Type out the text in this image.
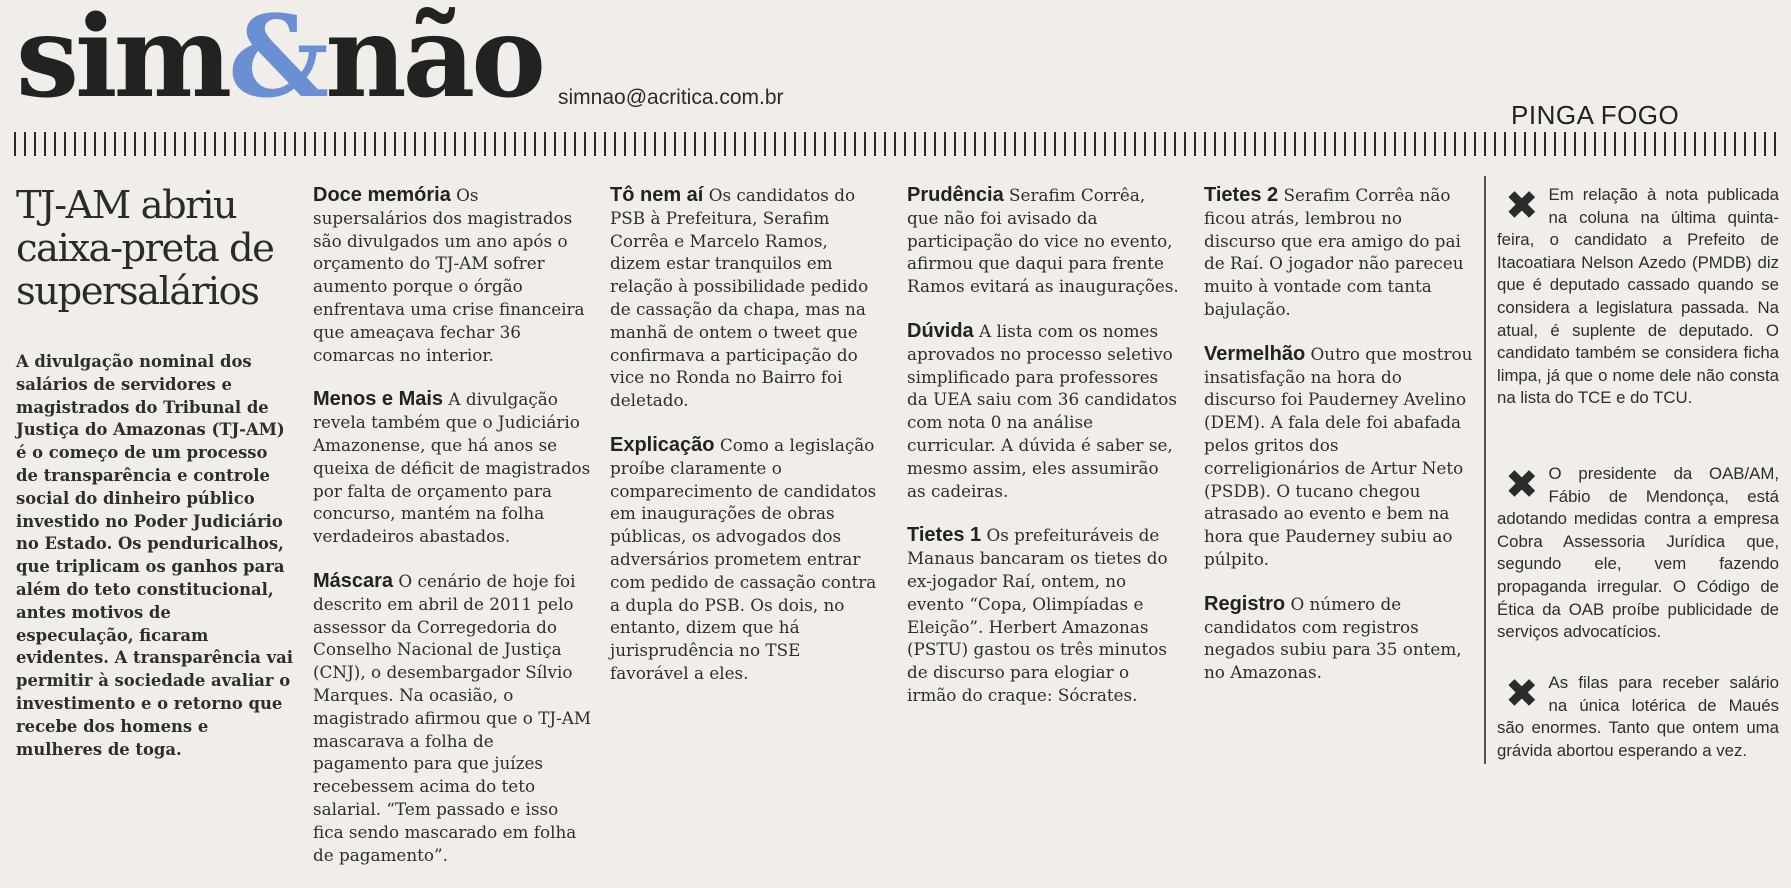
sim&não simnao@acritica.com.br
PINGA FOGO
TJ-AM abriu caixa-preta de supersalários

A divulgação nominal dos salários de servidores e magistrados do Tribunal de Justiça do Amazonas (TJ-AM) é o começo de um processo de transparência e controle social do dinheiro público investido no Poder Judiciário no Estado. Os penduricalhos, que triplicam os ganhos para além do teto constitucional, antes motivos de especulação, ficaram evidentes. A transparência vai permitir à sociedade avaliar o investimento e o retorno que recebe dos homens e mulheres de toga.

Doce memória Os supersalários dos magistrados são divulgados um ano após o orçamento do TJ-AM sofrer aumento porque o órgão enfrentava uma crise financeira que ameaçava fechar 36 comarcas no interior.

Menos e Mais A divulgação revela também que o Judiciário Amazonense, que há anos se queixa de déficit de magistrados por falta de orçamento para concurso, mantém na folha verdadeiros abastados.

Máscara O cenário de hoje foi descrito em abril de 2011 pelo assessor da Corregedoria do Conselho Nacional de Justiça (CNJ), o desembargador Sílvio Marques. Na ocasião, o magistrado afirmou que o TJ-AM mascarava a folha de pagamento para que juízes recebessem acima do teto salarial. “Tem passado e isso fica sendo mascarado em folha de pagamento”.

Tô nem aí Os candidatos do PSB à Prefeitura, Serafim Corrêa e Marcelo Ramos, dizem estar tranquilos em relação à possibilidade pedido de cassação da chapa, mas na manhã de ontem o tweet que confirmava a participação do vice no Ronda no Bairro foi deletado.

Explicação Como a legislação proíbe claramente o comparecimento de candidatos em inaugurações de obras públicas, os advogados dos adversários prometem entrar com pedido de cassação contra a dupla do PSB. Os dois, no entanto, dizem que há jurisprudência no TSE favorável a eles.

Prudência Serafim Corrêa, que não foi avisado da participação do vice no evento, afirmou que daqui para frente Ramos evitará as inaugurações.

Dúvida A lista com os nomes aprovados no processo seletivo simplificado para professores da UEA saiu com 36 candidatos com nota 0 na análise curricular. A dúvida é saber se, mesmo assim, eles assumirão as cadeiras.

Tietes 1 Os prefeituráveis de Manaus bancaram os tietes do ex-jogador Raí, ontem, no evento “Copa, Olimpíadas e Eleição”. Herbert Amazonas (PSTU) gastou os três minutos de discurso para elogiar o irmão do craque: Sócrates.

Tietes 2 Serafim Corrêa não ficou atrás, lembrou no discurso que era amigo do pai de Raí. O jogador não pareceu muito à vontade com tanta bajulação.

Vermelhão Outro que mostrou insatisfação na hora do discurso foi Pauderney Avelino (DEM). A fala dele foi abafada pelos gritos dos correligionários de Artur Neto (PSDB). O tucano chegou atrasado ao evento e bem na hora que Pauderney subiu ao púlpito.

Registro O número de candidatos com registros negados subiu para 35 ontem, no Amazonas.

✖ Em relação à nota publicada na coluna na última quinta-feira, o candidato a Prefeito de Itacoatiara Nelson Azedo (PMDB) diz que é deputado cassado quando se considera a legislatura passada. Na atual, é suplente de deputado. O candidato também se considera ficha limpa, já que o nome dele não consta na lista do TCE e do TCU.

✖ O presidente da OAB/AM, Fábio de Mendonça, está adotando medidas contra a empresa Cobra Assessoria Jurídica que, segundo ele, vem fazendo propaganda irregular. O Código de Ética da OAB proíbe publicidade de serviços advocatícios.

✖ As filas para receber salário na única lotérica de Maués são enormes. Tanto que ontem uma grávida abortou esperando a vez.
